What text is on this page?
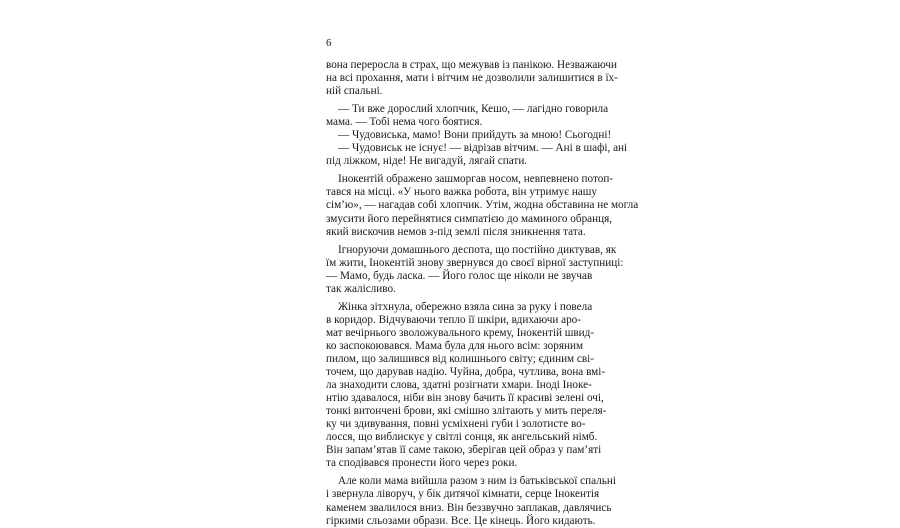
6
вона переросла в страх, що межував із панікою. Незважаючи
на всі прохання, мати і вітчим не дозволили залишитися в їх-
ній спальні.
— Ти вже дорослий хлопчик, Кешо, — лагідно говорила
мама. — Тобі нема чого боятися.
— Чудовиська, мамо! Вони прийдуть за мною! Сьогодні!
— Чудовиськ не існує! — відрізав вітчим. — Ані в шафі, ані
під ліжком, ніде! Не вигадуй, лягай спати.
Інокентій ображено зашморгав носом, невпевнено потоп-
тався на місці. «У нього важка робота, він утримує нашу
сім’ю», — нагадав собі хлопчик. Утім, жодна обставина не могла
змусити його перейнятися симпатією до маминого обранця,
який вискочив немов з-під землі після зникнення тата.
Ігноруючи домашнього деспота, що постійно диктував, як
їм жити, Інокентій знову звернувся до своєї вірної заступниці:
— Мамо, будь ласка. — Його голос ще ніколи не звучав
так жалісливо.
Жінка зітхнула, обережно взяла сина за руку і повела
в коридор. Відчуваючи тепло її шкіри, вдихаючи аро-
мат вечірнього зволожувального крему, Інокентій швид-
ко заспокоювався. Мама була для нього всім: зоряним
пилом, що залишився від колишнього світу; єдиним сві-
точем, що дарував надію. Чуйна, добра, чутлива, вона вмі-
ла знаходити слова, здатні розігнати хмари. Іноді Іноке-
нтію здавалося, ніби він знову бачить її красиві зелені очі,
тонкі витончені брови, які смішно злітають у мить переля-
ку чи здивування, повні усміхнені губи і золотисте во-
лосся, що виблискує у світлі сонця, як ангельський німб.
Він запам’ятав її саме такою, зберігав цей образ у пам’яті
та сподівався пронести його через роки.
Але коли мама вийшла разом з ним із батьківської спальні
і звернула ліворуч, у бік дитячої кімнати, серце Інокентія
каменем звалилося вниз. Він беззвучно заплакав, давлячись
гіркими сльозами образи. Все. Це кінець. Його кидають.
